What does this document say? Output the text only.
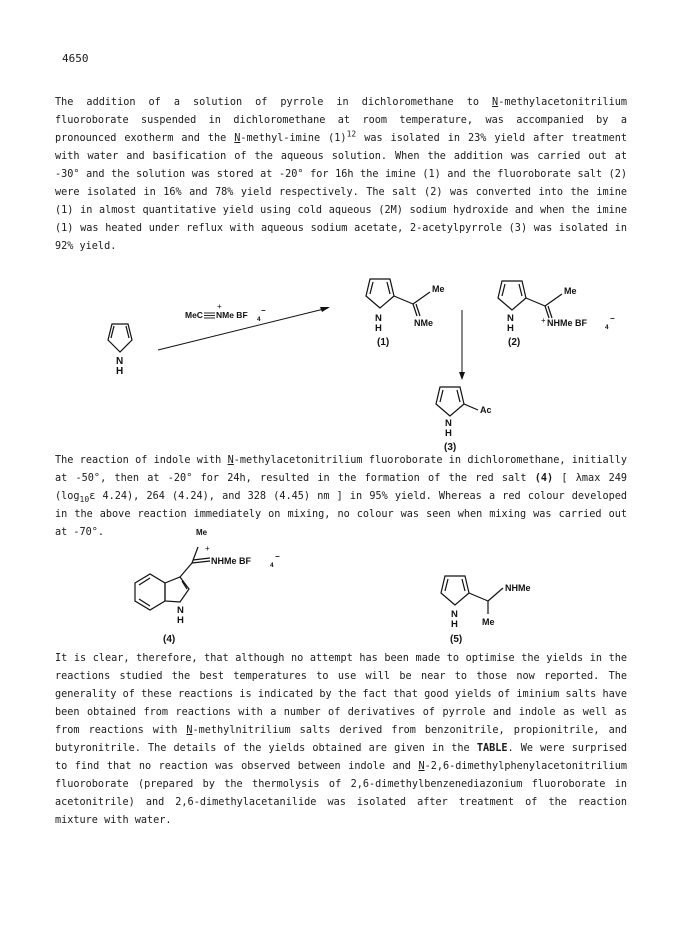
4650
The addition of a solution of pyrrole in dichloromethane to N-methylacetonitrilium fluoroborate suspended in dichloromethane at room temperature, was accompanied by a pronounced exotherm and the N-methyl-imine $(1)^{12}$ was isolated in 23% yield after treatment with water and basification of the aqueous solution. When the addition was carried out at -30° and the solution was stored at -20° for 16h the imine (1) and the fluoroborate salt (2) were isolated in 16% and 78% yield respectively. The salt (2) was converted into the imine (1) in almost quantitative yield using cold aqueous (2M) sodium hydroxide and when the imine (1) was heated under reflux with aqueous sodium acetate, 2-acetylpyrrole (3) was isolated in 92% yield.
N
H
MeC
+
NMe BF 4
−
Me
N
H	NMe
(1)
Me
N
H
+ NHMe BF	4
−
(2)
Ac
N
H
(3)
The reaction of indole with N-methylacetonitrilium fluoroborate in dichloromethane, initially at -50°, then at -20° for 24h, resulted in the formation of the red salt (4) [ λmax 249 ($\log_{10}\varepsilon$ 4.24), 264 (4.24), and 328 (4.45) nm ] in 95% yield. Whereas a red colour developed in the above reaction immediately on mixing, no colour was seen when mixing was carried out at -70°.	Me
+
NHMe BF	4
−
N
H
(4)
NHMe
Me
N
H
(5)
It is clear, therefore, that although no attempt has been made to optimise the yields in the reactions studied the best temperatures to use will be near to those now reported. The generality of these reactions is indicated by the fact that good yields of iminium salts have been obtained from reactions with a number of derivatives of pyrrole and indole as well as from reactions with N-methylnitrilium salts derived from benzonitrile, propionitrile, and butyronitrile. The details of the yields obtained are given in the TABLE. We were surprised to find that no reaction was observed between indole and N-2,6-dimethylphenylacetonitrilium fluoroborate (prepared by the thermolysis of 2,6-dimethylbenzenediazonium fluoroborate in acetonitrile) and 2,6-dimethylacetanilide was isolated after treatment of the reaction mixture with water.
